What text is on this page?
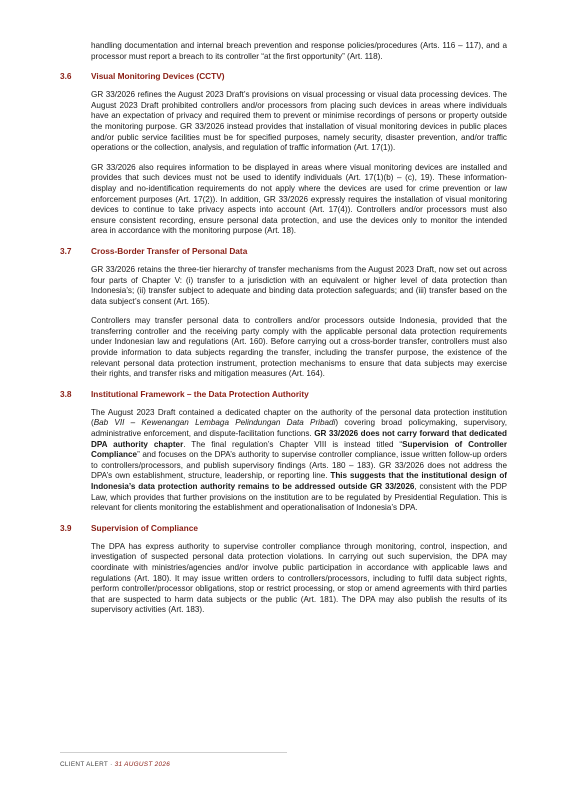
handling documentation and internal breach prevention and response policies/procedures (Arts. 116 – 117), and a processor must report a breach to its controller “at the first opportunity” (Art. 118).

3.6	Visual Monitoring Devices (CCTV)

GR 33/2026 refines the August 2023 Draft’s provisions on visual processing or visual data processing devices. The August 2023 Draft prohibited controllers and/or processors from placing such devices in areas where individuals have an expectation of privacy and required them to prevent or minimise recordings of persons or property outside the monitoring purpose. GR 33/2026 instead provides that installation of visual monitoring devices in public places and/or public service facilities must be for specified purposes, namely security, disaster prevention, and/or traffic operations or the collection, analysis, and regulation of traffic information (Art. 17(1)).

GR 33/2026 also requires information to be displayed in areas where visual monitoring devices are installed and provides that such devices must not be used to identify individuals (Art. 17(1)(b) – (c), 19). These information-display and no-identification requirements do not apply where the devices are used for crime prevention or law enforcement purposes (Art. 17(2)). In addition, GR 33/2026 expressly requires the installation of visual monitoring devices to continue to take privacy aspects into account (Art. 17(4)). Controllers and/or processors must also ensure consistent recording, ensure personal data protection, and use the devices only to monitor the intended area in accordance with the monitoring purpose (Art. 18).

3.7	Cross-Border Transfer of Personal Data

GR 33/2026 retains the three-tier hierarchy of transfer mechanisms from the August 2023 Draft, now set out across four parts of Chapter V: (i) transfer to a jurisdiction with an equivalent or higher level of data protection than Indonesia’s; (ii) transfer subject to adequate and binding data protection safeguards; and (iii) transfer based on the data subject’s consent (Art. 165).

Controllers may transfer personal data to controllers and/or processors outside Indonesia, provided that the transferring controller and the receiving party comply with the applicable personal data protection requirements under Indonesian law and regulations (Art. 160). Before carrying out a cross-border transfer, controllers must also provide information to data subjects regarding the transfer, including the transfer purpose, the existence of the relevant personal data protection instrument, protection mechanisms to ensure that data subjects may exercise their rights, and transfer risks and mitigation measures (Art. 164).

3.8	Institutional Framework – the Data Protection Authority

The August 2023 Draft contained a dedicated chapter on the authority of the personal data protection institution (Bab VII – Kewenangan Lembaga Pelindungan Data Pribadi) covering broad policymaking, supervisory, administrative enforcement, and dispute-facilitation functions. GR 33/2026 does not carry forward that dedicated DPA authority chapter. The final regulation’s Chapter VIII is instead titled “Supervision of Controller Compliance” and focuses on the DPA’s authority to supervise controller compliance, issue written follow-up orders to controllers/processors, and publish supervisory findings (Arts. 180 – 183). GR 33/2026 does not address the DPA’s own establishment, structure, leadership, or reporting line. This suggests that the institutional design of Indonesia’s data protection authority remains to be addressed outside GR 33/2026, consistent with the PDP Law, which provides that further provisions on the institution are to be regulated by Presidential Regulation. This is relevant for clients monitoring the establishment and operationalisation of Indonesia’s DPA.

3.9	Supervision of Compliance

The DPA has express authority to supervise controller compliance through monitoring, control, inspection, and investigation of suspected personal data protection violations. In carrying out such supervision, the DPA may coordinate with ministries/agencies and/or involve public participation in accordance with applicable laws and regulations (Art. 180). It may issue written orders to controllers/processors, including to fulfil data subject rights, perform controller/processor obligations, stop or restrict processing, or stop or amend agreements with third parties that are suspected to harm data subjects or the public (Art. 181). The DPA may also publish the results of its supervisory activities (Art. 183).

CLIENT ALERT · 31 AUGUST 2026
